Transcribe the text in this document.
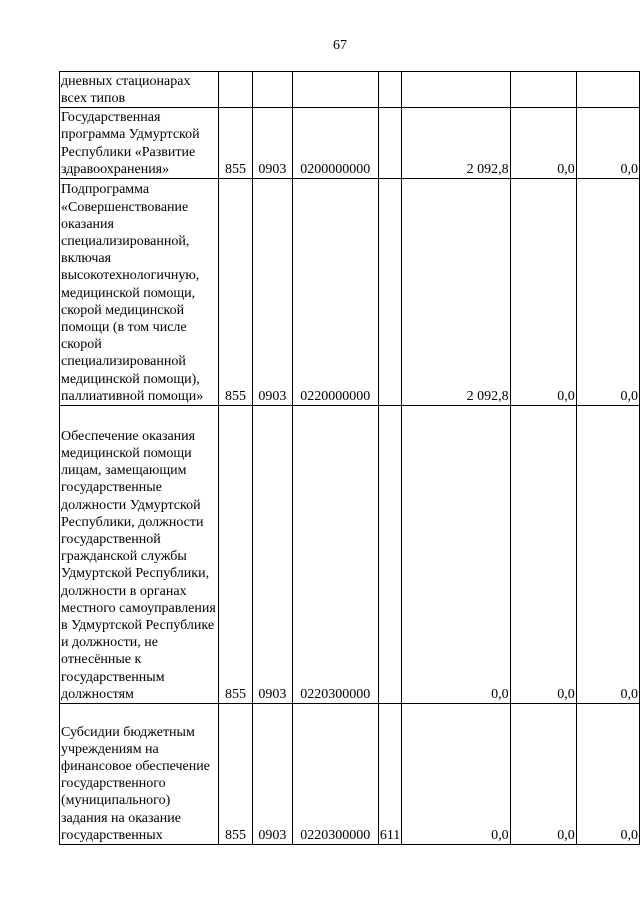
67
дневных стационарах всех типов							

Государственная программа Удмуртской Республики «Развитие здравоохранения»	855	0903	0200000000		2 092,8	0,0	0,0

Подпрограмма «Совершенствование оказания специализированной, включая высокотехнологичную, медицинской помощи, скорой медицинской помощи (в том числе скорой специализированной медицинской помощи), паллиативной помощи»	855	0903	0220000000		2 092,8	0,0	0,0

Обеспечение оказания медицинской помощи лицам, замещающим государственные должности Удмуртской Республики, должности государственной гражданской службы Удмуртской Республики, должности в органах местного самоуправления в Удмуртской Республике и должности, не отнесённые к государственным должностям	855	0903	0220300000		0,0	0,0	0,0

Субсидии бюджетным учреждениям на финансовое обеспечение государственного (муниципального) задания на оказание государственных	855	0903	0220300000	611	0,0	0,0	0,0
